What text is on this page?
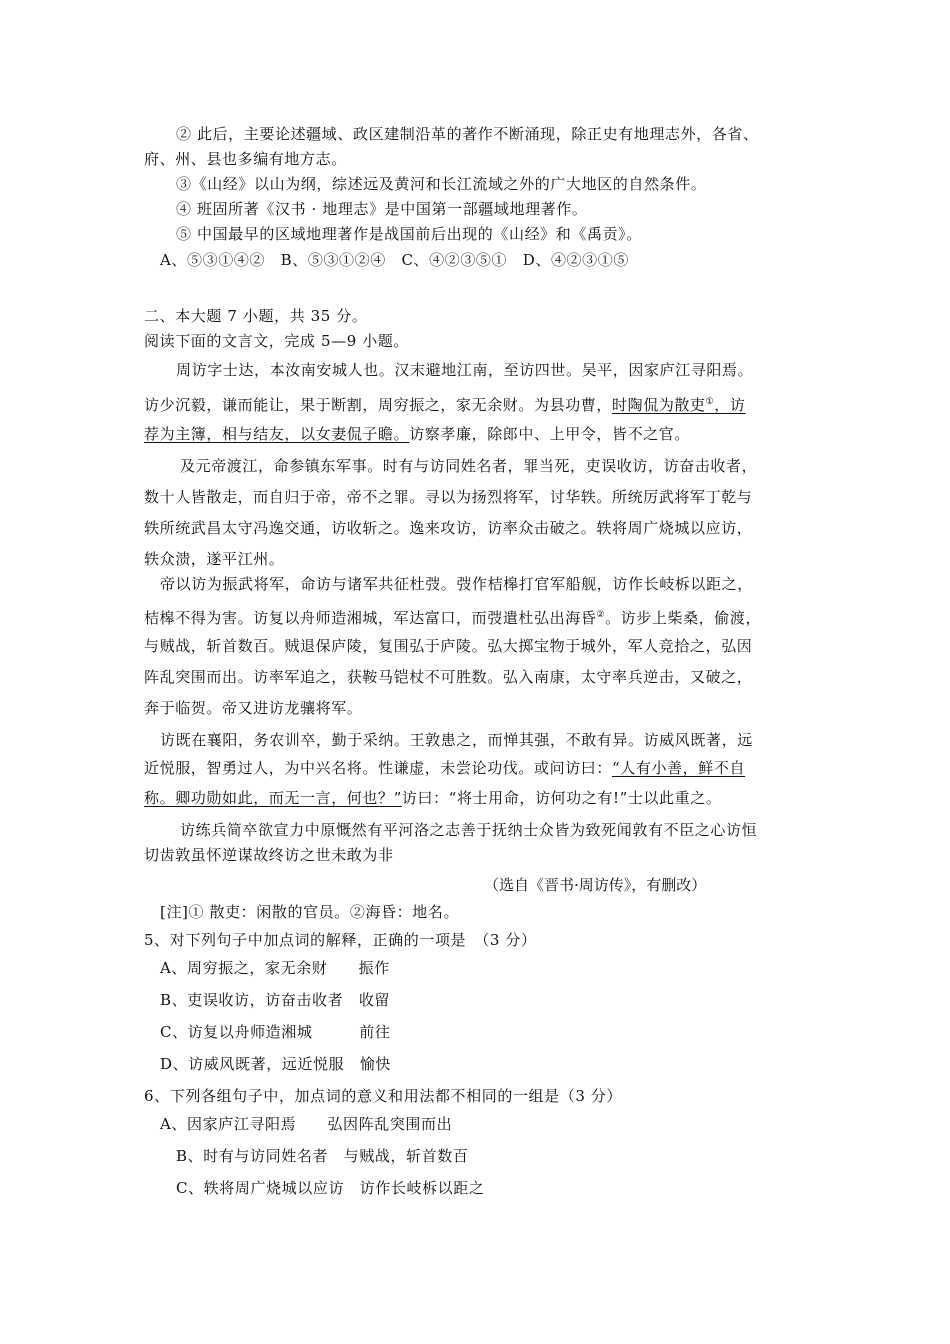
② 此后，主要论述疆域、政区建制沿革的著作不断涌现，除正史有地理志外，各省、
府、州、县也多编有地方志。
③《山经》以山为纲，综述远及黄河和长江流域之外的广大地区的自然条件。
④ 班固所著《汉书 · 地理志》是中国第一部疆域地理著作。
⑤ 中国最早的区域地理著作是战国前后出现的《山经》和《禹贡》。
A、⑤③①④②　B、⑤③①②④　C、④②③⑤①　D、④②③①⑤
二、本大题 7 小题，共 35 分。
阅读下面的文言文，完成 5—9 小题。
周访字士达，本汝南安城人也。汉末避地江南，至访四世。吴平，因家庐江寻阳焉。
访少沉毅，谦而能让，果于断割，周穷振之，家无余财。为县功曹，时陶侃为散吏①，访
荐为主簿，相与结友，以女妻侃子瞻。访察孝廉，除郎中、上甲令，皆不之官。
及元帝渡江，命参镇东军事。时有与访同姓名者，罪当死，吏误收访，访奋击收者，
数十人皆散走，而自归于帝，帝不之罪。寻以为扬烈将军，讨华轶。所统厉武将军丁乾与
轶所统武昌太守冯逸交通，访收斩之。逸来攻访，访率众击破之。轶将周广烧城以应访，
轶众溃，遂平江州。
帝以访为振武将军，命访与诸军共征杜弢。弢作桔槔打官军船舰，访作长岐柝以距之，
桔槔不得为害。访复以舟师造湘城，军达富口，而弢遣杜弘出海昏②。访步上柴桑，偷渡，
与贼战，斩首数百。贼退保庐陵，复围弘于庐陵。弘大掷宝物于城外，军人竞拾之，弘因
阵乱突围而出。访率军追之，获鞍马铠杖不可胜数。弘入南康，太守率兵逆击，又破之，
奔于临贺。帝又进访龙骧将军。
访既在襄阳，务农训卒，勤于采纳。王敦患之，而惮其强，不敢有异。访威风既著，远
近悦服，智勇过人，为中兴名将。性谦虚，未尝论功伐。或问访曰：“人有小善，鲜不自
称。卿功勋如此，而无一言，何也？”访曰：“将士用命，访何功之有!”士以此重之。
访练兵简卒欲宣力中原慨然有平河洛之志善于抚纳士众皆为致死闻敦有不臣之心访恒
切齿敦虽怀逆谋故终访之世未敢为非
（选自《晋书·周访传》，有删改）
[注]① 散吏：闲散的官员。②海昏：地名。
5、对下列句子中加点词的解释，正确的一项是　（3 分）
A、周穷振之，家无余财　　振作
B、吏误收访，访奋击收者　收留
C、访复以舟师造湘城　　　前往
D、访威风既著，远近悦服　愉快
6、下列各组句子中，加点词的意义和用法都不相同的一组是（3 分）
A、因家庐江寻阳焉　　弘因阵乱突围而出
B、时有与访同姓名者　与贼战，斩首数百
C、轶将周广烧城以应访　访作长岐柝以距之
